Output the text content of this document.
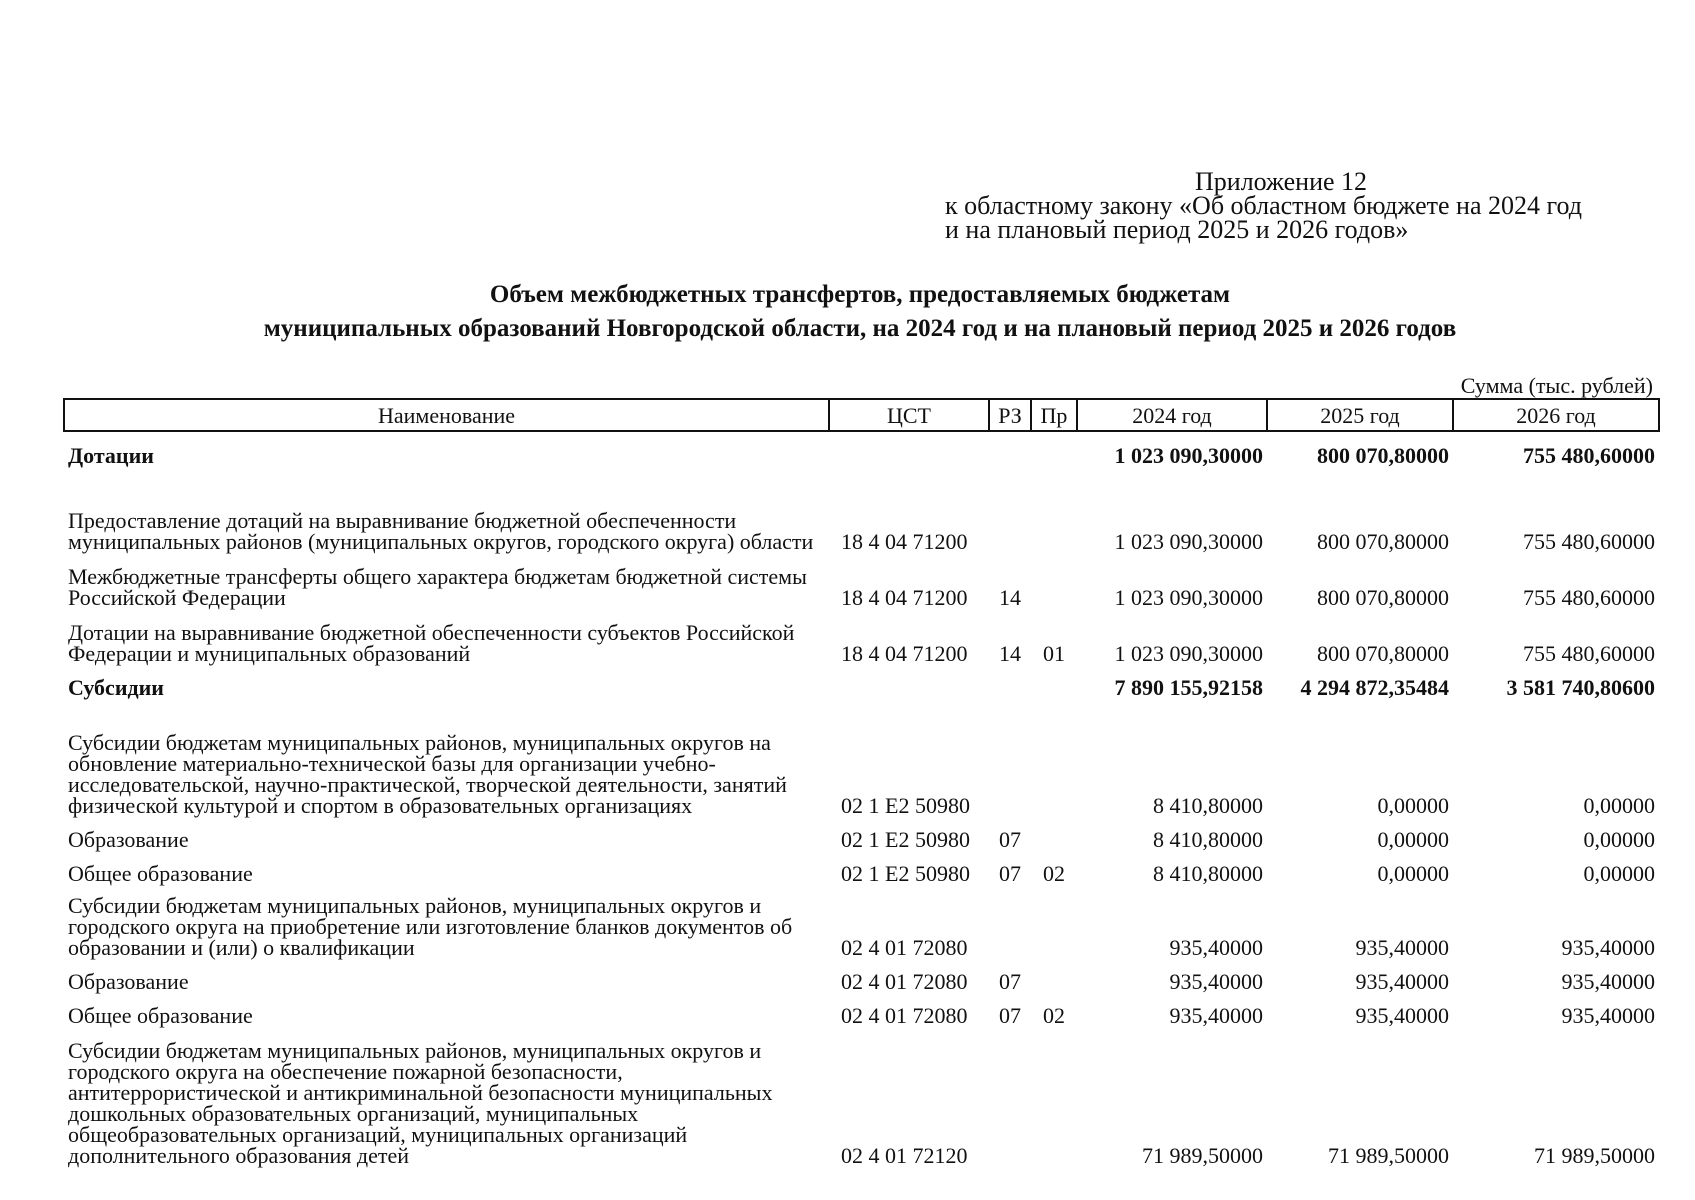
Приложение 12
к областному закону «Об областном бюджете на 2024 год
и на плановый период 2025 и 2026 годов»
Объем межбюджетных трансфертов, предоставляемых бюджетам
муниципальных образований Новгородской области, на 2024 год и на плановый период 2025 и 2026 годов
Сумма (тыс. рублей)
Наименование	ЦСТ	РЗ	Пр	2024 год	2025 год	2026 год
Дотации				1 023 090,30000	800 070,80000	755 480,60000
Предоставление дотаций на выравнивание бюджетной обеспеченности муниципальных районов (муниципальных округов, городского округа) области	18 4 04 71200			1 023 090,30000	800 070,80000	755 480,60000
Межбюджетные трансферты общего характера бюджетам бюджетной системы Российской Федерации	18 4 04 71200	14		1 023 090,30000	800 070,80000	755 480,60000
Дотации на выравнивание бюджетной обеспеченности субъектов Российской Федерации и муниципальных образований	18 4 04 71200	14	01	1 023 090,30000	800 070,80000	755 480,60000
Субсидии				7 890 155,92158	4 294 872,35484	3 581 740,80600
Субсидии бюджетам муниципальных районов, муниципальных округов на обновление материально-технической базы для организации учебно-исследовательской, научно-практической, творческой деятельности, занятий физической культурой и спортом в образовательных организациях	02 1 E2 50980			8 410,80000	0,00000	0,00000
Образование	02 1 E2 50980	07		8 410,80000	0,00000	0,00000
Общее образование	02 1 E2 50980	07	02	8 410,80000	0,00000	0,00000
Субсидии бюджетам муниципальных районов, муниципальных округов и городского округа на приобретение или изготовление бланков документов об образовании и (или) о квалификации	02 4 01 72080			935,40000	935,40000	935,40000
Образование	02 4 01 72080	07		935,40000	935,40000	935,40000
Общее образование	02 4 01 72080	07	02	935,40000	935,40000	935,40000
Субсидии бюджетам муниципальных районов, муниципальных округов и городского округа на обеспечение пожарной безопасности, антитеррористической и антикриминальной безопасности муниципальных дошкольных образовательных организаций, муниципальных общеобразовательных организаций, муниципальных организаций дополнительного образования детей	02 4 01 72120			71 989,50000	71 989,50000	71 989,50000
